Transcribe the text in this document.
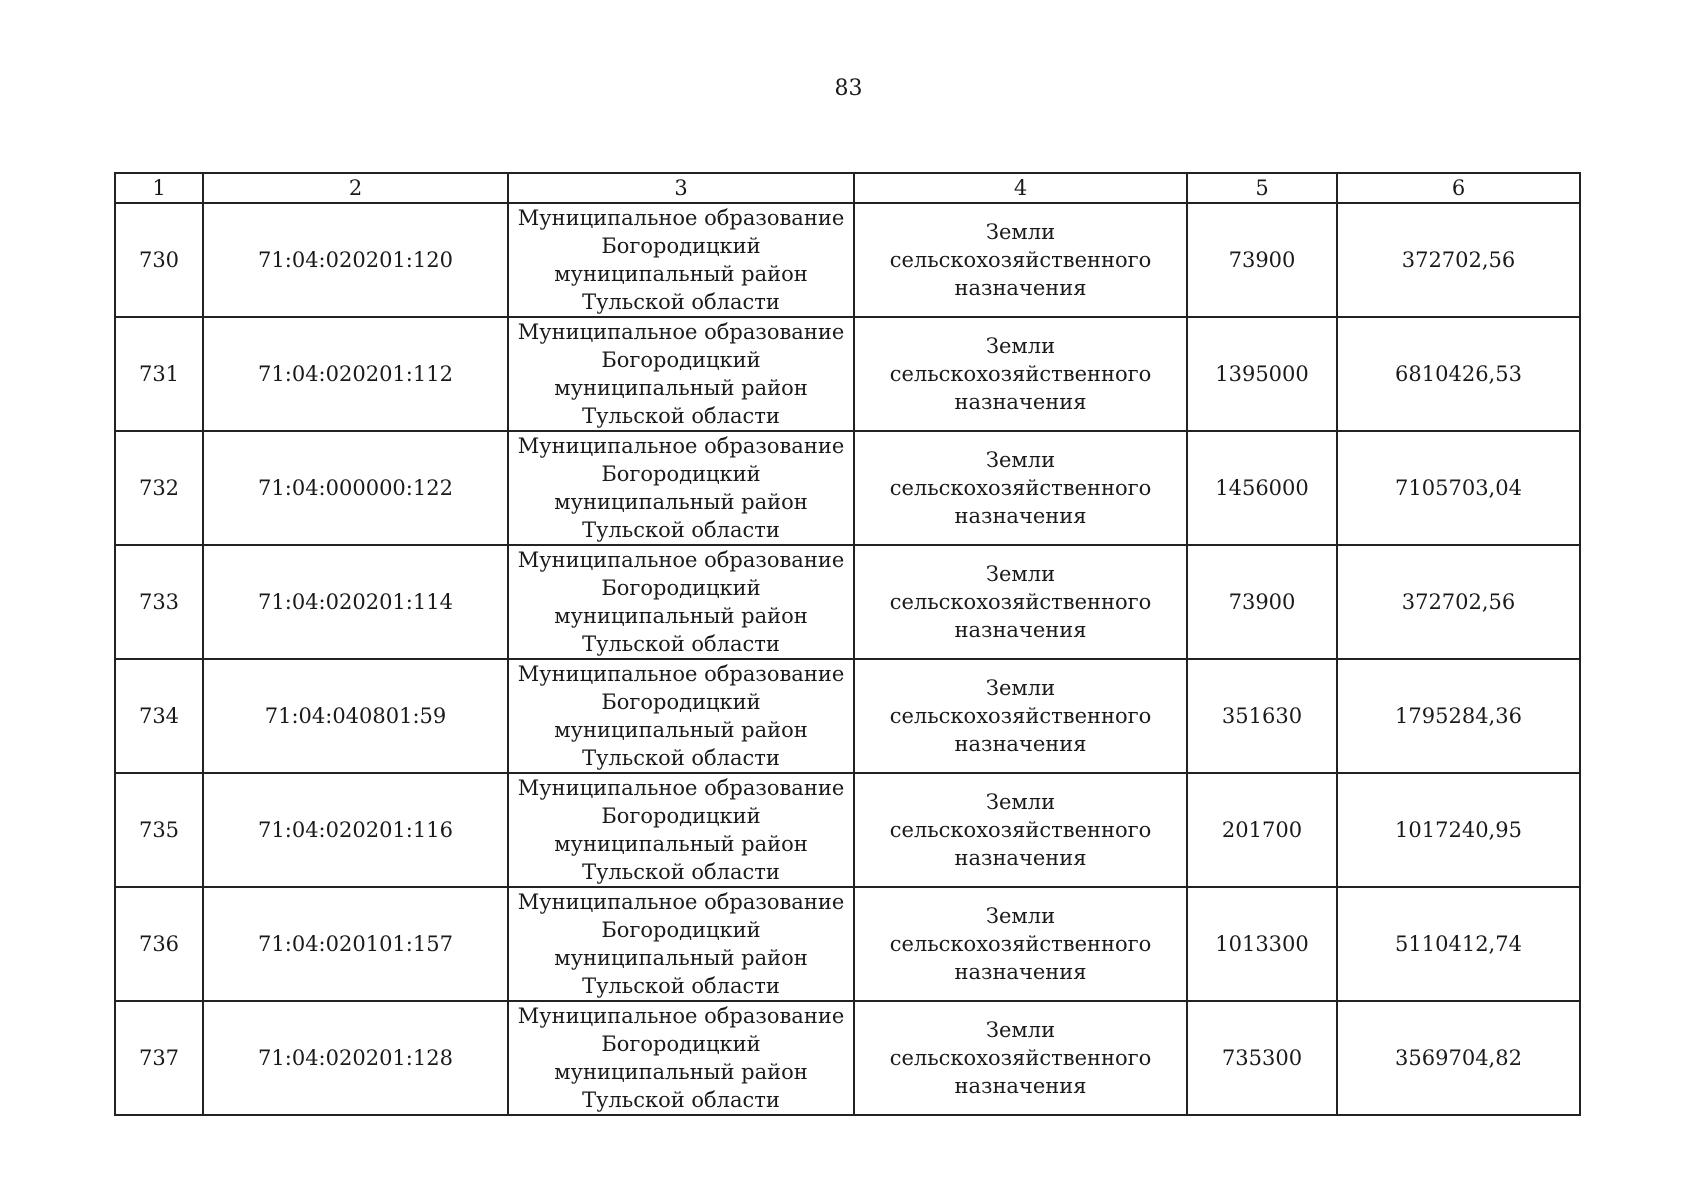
83
1	2	3	4	5	6
730	71:04:020201:120	Муниципальное образование
Богородицкий
муниципальный район
Тульской области	Земли
сельскохозяйственного
назначения	73900	372702,56
731	71:04:020201:112	Муниципальное образование
Богородицкий
муниципальный район
Тульской области	Земли
сельскохозяйственного
назначения	1395000	6810426,53
732	71:04:000000:122	Муниципальное образование
Богородицкий
муниципальный район
Тульской области	Земли
сельскохозяйственного
назначения	1456000	7105703,04
733	71:04:020201:114	Муниципальное образование
Богородицкий
муниципальный район
Тульской области	Земли
сельскохозяйственного
назначения	73900	372702,56
734	71:04:040801:59	Муниципальное образование
Богородицкий
муниципальный район
Тульской области	Земли
сельскохозяйственного
назначения	351630	1795284,36
735	71:04:020201:116	Муниципальное образование
Богородицкий
муниципальный район
Тульской области	Земли
сельскохозяйственного
назначения	201700	1017240,95
736	71:04:020101:157	Муниципальное образование
Богородицкий
муниципальный район
Тульской области	Земли
сельскохозяйственного
назначения	1013300	5110412,74
737	71:04:020201:128	Муниципальное образование
Богородицкий
муниципальный район
Тульской области	Земли
сельскохозяйственного
назначения	735300	3569704,82
